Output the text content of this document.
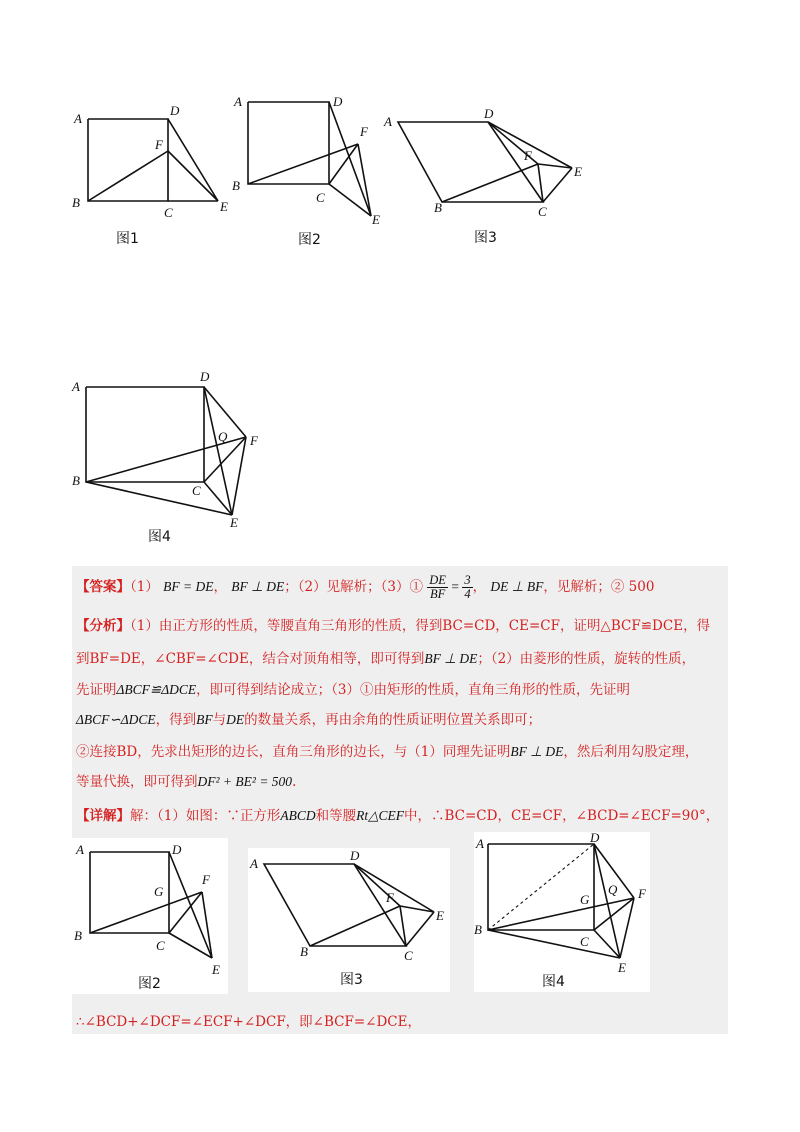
A
D
F
B
C	E
图1
A	D
F
B
C
E
图2
A
D
F
E
B	C
图3
A
D
Q F
B
C
E
图4
【答案】（1） BF = DE， BF ⊥ DE；（2）见解析；（3）① $\frac{DE}{BF} = \frac{3}{4}$ ， DE ⊥ BF，见解析；② 500
【分析】（1）由正方形的性质，等腰直角三角形的性质，得到BC=CD，CE=CF，证明△BCF≌DCE，得
到BF=DE，∠CBF=∠CDE，结合对顶角相等，即可得到BF ⊥ DE；（2）由菱形的性质，旋转的性质，
先证明ΔBCF≌ΔDCE，即可得到结论成立；（3）①由矩形的性质，直角三角形的性质，先证明
ΔBCF∽ΔDCE，得到BF与DE的数量关系，再由余角的性质证明位置关系即可；
②连接BD，先求出矩形的边长，直角三角形的边长，与（1）同理先证明BF ⊥ DE，然后利用勾股定理，
等量代换，即可得到DF² + BE² = 500.
【详解】解：（1）如图：∵正方形ABCD和等腰Rt△CEF中，∴BC=CD，CE=CF，∠BCD=∠ECF=90°，
A	D
G
F
B
C
E
图2
A
D
F
E
B	C
图3
A	D
G
Q F
B
C
E
图4
∴∠BCD+∠DCF=∠ECF+∠DCF，即∠BCF=∠DCE，
